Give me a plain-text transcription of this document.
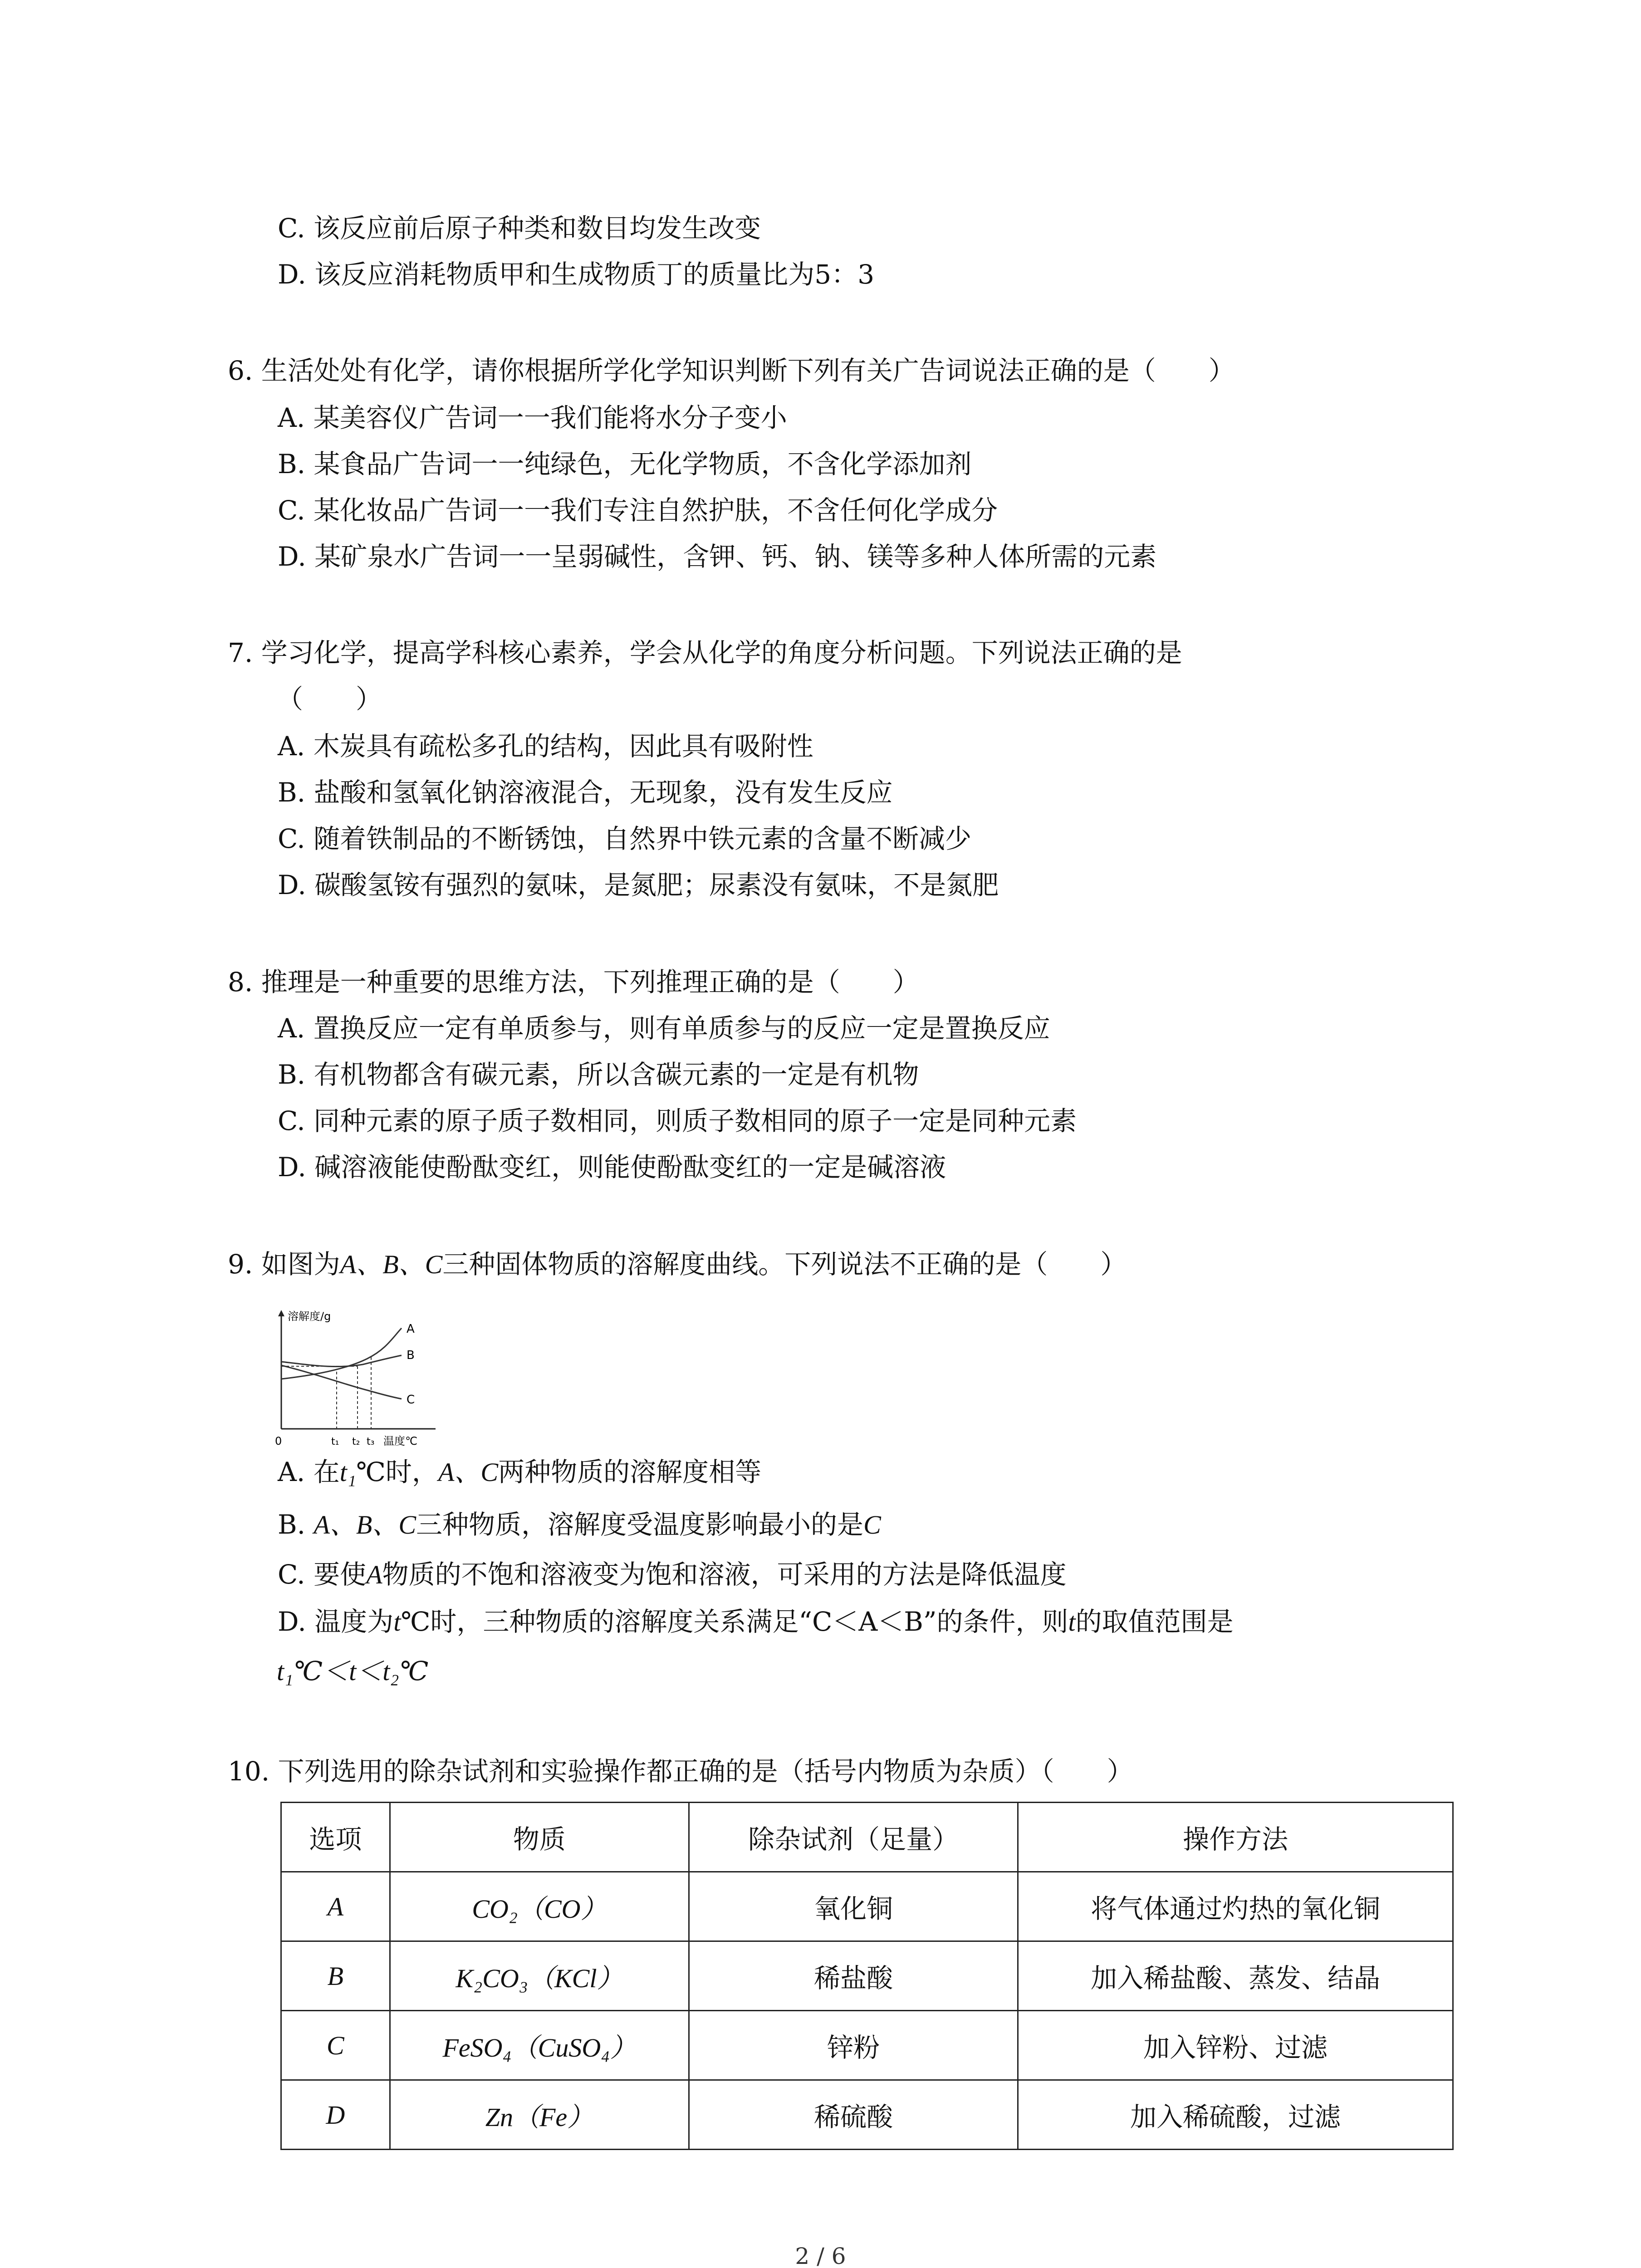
C. 该反应前后原子种类和数目均发生改变
D. 该反应消耗物质甲和生成物质丁的质量比为5：3
6. 生活处处有化学，请你根据所学化学知识判断下列有关广告词说法正确的是（　　）
A. 某美容仪广告词一一我们能将水分子变小
B. 某食品广告词一一纯绿色，无化学物质，不含化学添加剂
C. 某化妆品广告词一一我们专注自然护肤，不含任何化学成分
D. 某矿泉水广告词一一呈弱碱性，含钾、钙、钠、镁等多种人体所需的元素
7. 学习化学，提高学科核心素养，学会从化学的角度分析问题。下列说法正确的是
（　　）
A. 木炭具有疏松多孔的结构，因此具有吸附性
B. 盐酸和氢氧化钠溶液混合，无现象，没有发生反应
C. 随着铁制品的不断锈蚀，自然界中铁元素的含量不断减少
D. 碳酸氢铵有强烈的氨味，是氮肥；尿素没有氨味，不是氮肥
8. 推理是一种重要的思维方法，下列推理正确的是（　　）
A. 置换反应一定有单质参与，则有单质参与的反应一定是置换反应
B. 有机物都含有碳元素，所以含碳元素的一定是有机物
C. 同种元素的原子质子数相同，则质子数相同的原子一定是同种元素
D. 碱溶液能使酚酞变红，则能使酚酞变红的一定是碱溶液
9. 如图为A、B、C三种固体物质的溶解度曲线。下列说法不正确的是（　　）
溶解度/g
A
B
C
0	t₁ t₂ t₃ 温度℃
A. 在t₁℃时，A、C两种物质的溶解度相等
B. A、B、C三种物质，溶解度受温度影响最小的是C
C. 要使A物质的不饱和溶液变为饱和溶液，可采用的方法是降低温度
D. 温度为t℃时，三种物质的溶解度关系满足“C＜A＜B”的条件，则t的取值范围是
t₁℃＜t＜t₂℃
10. 下列选用的除杂试剂和实验操作都正确的是（括号内物质为杂质）（　　）
选项	物质	除杂试剂（足量）	操作方法
A	CO₂（CO）	氧化铜	将气体通过灼热的氧化铜
B	K₂CO₃（KCl）	稀盐酸	加入稀盐酸、蒸发、结晶
C	FeSO₄（CuSO₄）	锌粉	加入锌粉、过滤
D	Zn（Fe）	稀硫酸	加入稀硫酸，过滤
2 / 6
